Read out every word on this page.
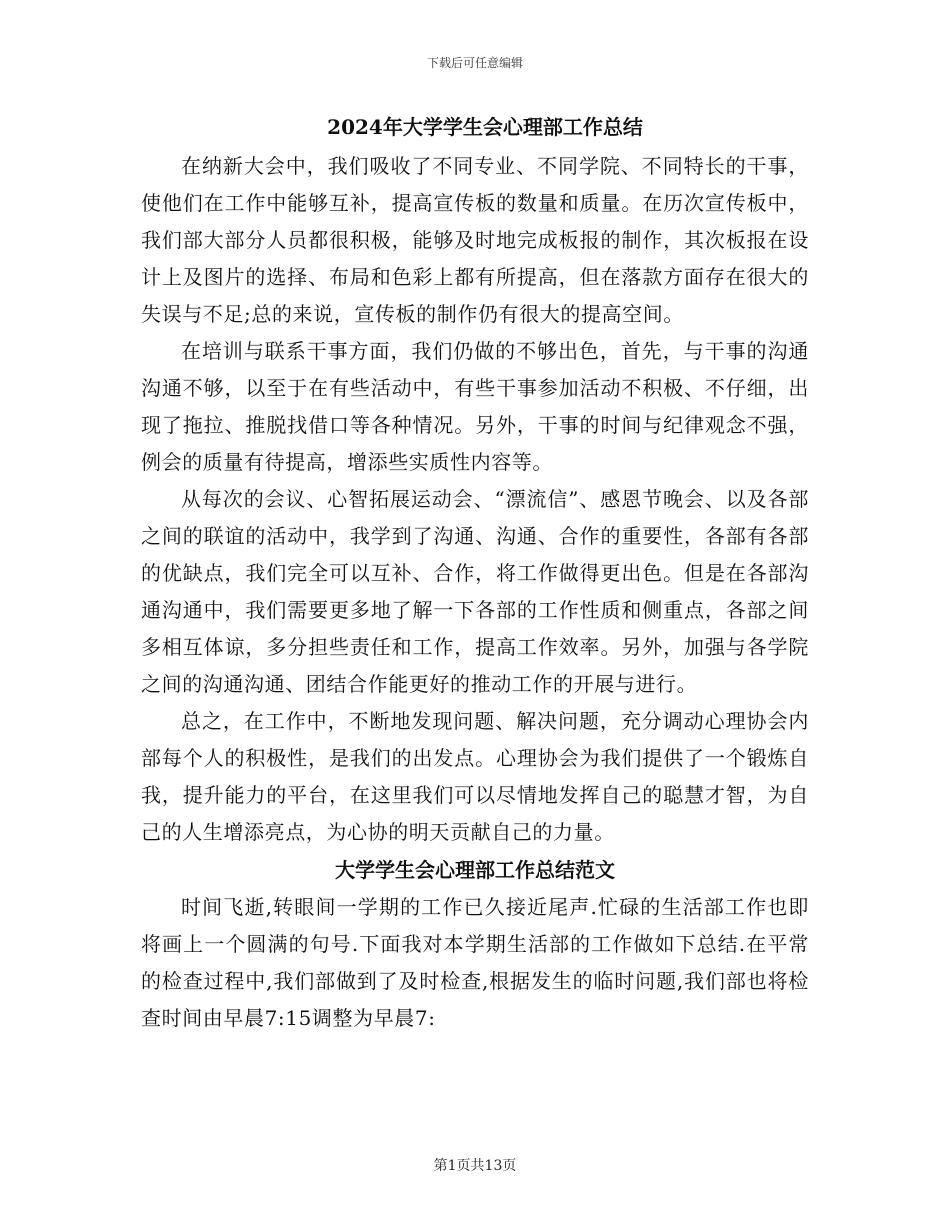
下载后可任意编辑
2024年大学学生会心理部工作总结

在纳新大会中，我们吸收了不同专业、不同学院、不同特长的干事，使他们在工作中能够互补，提高宣传板的数量和质量。在历次宣传板中，我们部大部分人员都很积极，能够及时地完成板报的制作，其次板报在设计上及图片的选择、布局和色彩上都有所提高，但在落款方面存在很大的失误与不足;总的来说，宣传板的制作仍有很大的提高空间。

在培训与联系干事方面，我们仍做的不够出色，首先，与干事的沟通沟通不够，以至于在有些活动中，有些干事参加活动不积极、不仔细，出现了拖拉、推脱找借口等各种情况。另外，干事的时间与纪律观念不强，例会的质量有待提高，增添些实质性内容等。

从每次的会议、心智拓展运动会、“漂流信”、感恩节晚会、以及各部之间的联谊的活动中，我学到了沟通、沟通、合作的重要性，各部有各部的优缺点，我们完全可以互补、合作，将工作做得更出色。但是在各部沟通沟通中，我们需要更多地了解一下各部的工作性质和侧重点，各部之间多相互体谅，多分担些责任和工作，提高工作效率。另外，加强与各学院之间的沟通沟通、团结合作能更好的推动工作的开展与进行。

总之，在工作中，不断地发现问题、解决问题，充分调动心理协会内部每个人的积极性，是我们的出发点。心理协会为我们提供了一个锻炼自我，提升能力的平台，在这里我们可以尽情地发挥自己的聪慧才智，为自己的人生增添亮点，为心协的明天贡献自己的力量。

大学学生会心理部工作总结范文

时间飞逝,转眼间一学期的工作已久接近尾声.忙碌的生活部工作也即将画上一个圆满的句号.下面我对本学期生活部的工作做如下总结.在平常的检查过程中,我们部做到了及时检查,根据发生的临时问题,我们部也将检查时间由早晨7:15调整为早晨7:

第1页共13页
